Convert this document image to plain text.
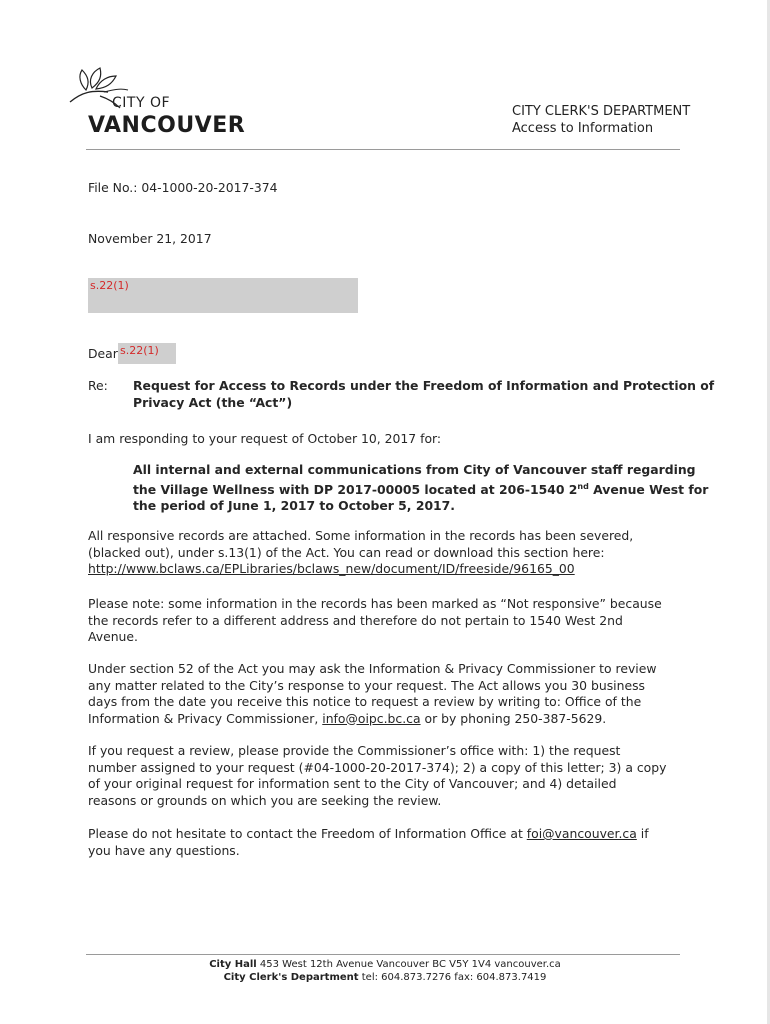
CITY OF
VANCOUVER
CITY CLERK'S DEPARTMENT
Access to Information
File No.: 04-1000-20-2017-374
November 21, 2017
s.22(1)
Dear s.22(1)
Re: Request for Access to Records under the Freedom of Information and Protection of
Privacy Act (the “Act”)
I am responding to your request of October 10, 2017 for:
All internal and external communications from City of Vancouver staff regarding
the Village Wellness with DP 2017-00005 located at 206-1540 2nd Avenue West for
the period of June 1, 2017 to October 5, 2017.
All responsive records are attached. Some information in the records has been severed,
(blacked out), under s.13(1) of the Act. You can read or download this section here:
http://www.bclaws.ca/EPLibraries/bclaws_new/document/ID/freeside/96165_00
Please note: some information in the records has been marked as “Not responsive” because
the records refer to a different address and therefore do not pertain to 1540 West 2nd
Avenue.
Under section 52 of the Act you may ask the Information & Privacy Commissioner to review
any matter related to the City’s response to your request. The Act allows you 30 business
days from the date you receive this notice to request a review by writing to: Office of the
Information & Privacy Commissioner, info@oipc.bc.ca or by phoning 250-387-5629.
If you request a review, please provide the Commissioner’s office with: 1) the request
number assigned to your request (#04-1000-20-2017-374); 2) a copy of this letter; 3) a copy
of your original request for information sent to the City of Vancouver; and 4) detailed
reasons or grounds on which you are seeking the review.
Please do not hesitate to contact the Freedom of Information Office at foi@vancouver.ca if
you have any questions.
City Hall 453 West 12th Avenue Vancouver BC V5Y 1V4 vancouver.ca
City Clerk's Department tel: 604.873.7276 fax: 604.873.7419
